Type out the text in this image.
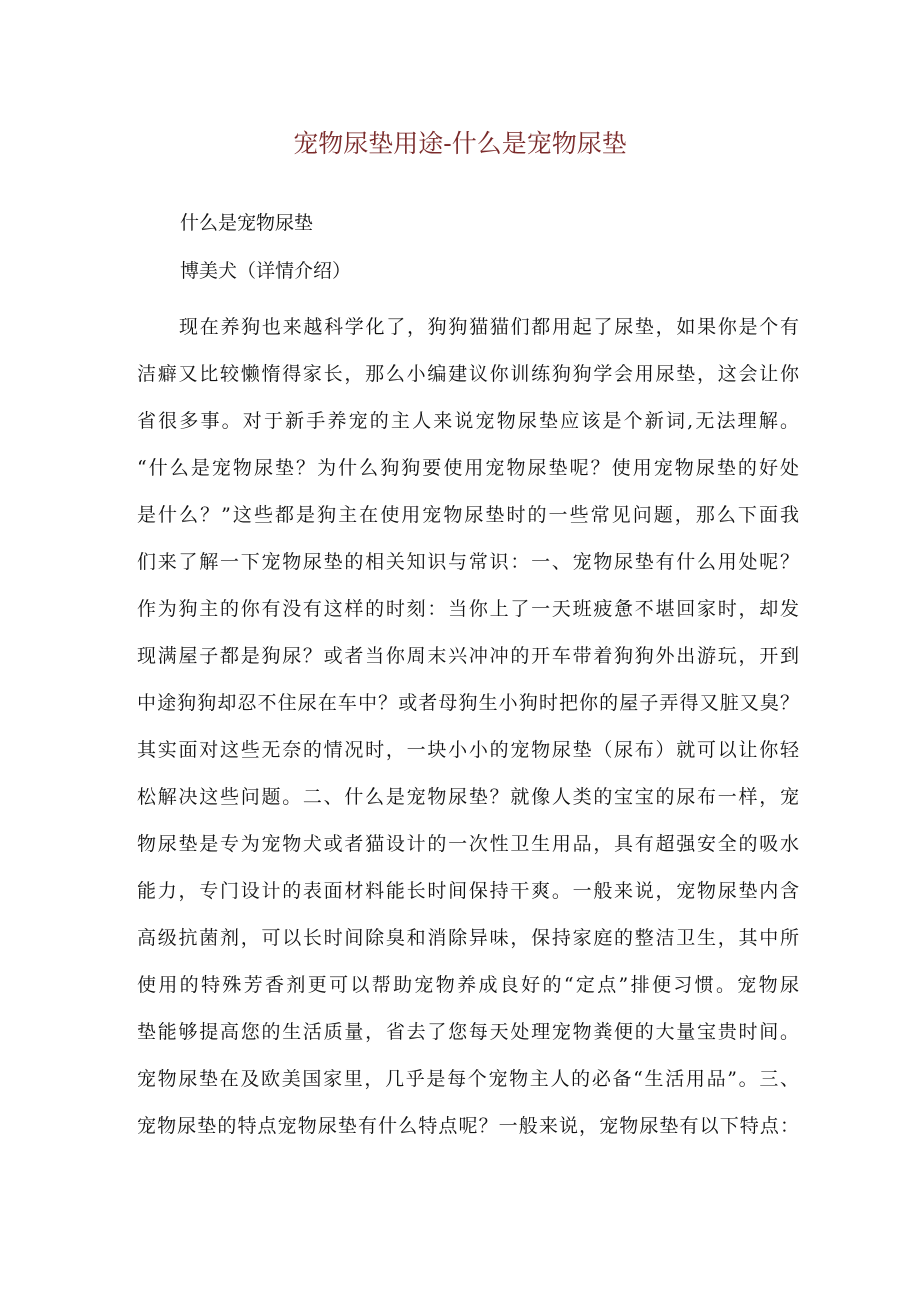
宠物尿垫用途-什么是宠物尿垫

什么是宠物尿垫

博美犬（详情介绍）

现在养狗也来越科学化了，狗狗猫猫们都用起了尿垫，如果你是个有
洁癖又比较懒惰得家长，那么小编建议你训练狗狗学会用尿垫，这会让你
省很多事。对于新手养宠的主人来说宠物尿垫应该是个新词,无法理解。
“什么是宠物尿垫？为什么狗狗要使用宠物尿垫呢？使用宠物尿垫的好处
是什么？”这些都是狗主在使用宠物尿垫时的一些常见问题，那么下面我
们来了解一下宠物尿垫的相关知识与常识：一、宠物尿垫有什么用处呢？
作为狗主的你有没有这样的时刻：当你上了一天班疲惫不堪回家时，却发
现满屋子都是狗尿？或者当你周末兴冲冲的开车带着狗狗外出游玩，开到
中途狗狗却忍不住尿在车中？或者母狗生小狗时把你的屋子弄得又脏又臭？
其实面对这些无奈的情况时，一块小小的宠物尿垫（尿布）就可以让你轻
松解决这些问题。二、什么是宠物尿垫？就像人类的宝宝的尿布一样，宠
物尿垫是专为宠物犬或者猫设计的一次性卫生用品，具有超强安全的吸水
能力，专门设计的表面材料能长时间保持干爽。一般来说，宠物尿垫内含
高级抗菌剂，可以长时间除臭和消除异味，保持家庭的整洁卫生，其中所
使用的特殊芳香剂更可以帮助宠物养成良好的“定点”排便习惯。宠物尿
垫能够提高您的生活质量，省去了您每天处理宠物粪便的大量宝贵时间。
宠物尿垫在及欧美国家里，几乎是每个宠物主人的必备“生活用品”。三、
宠物尿垫的特点宠物尿垫有什么特点呢？一般来说，宠物尿垫有以下特点：
